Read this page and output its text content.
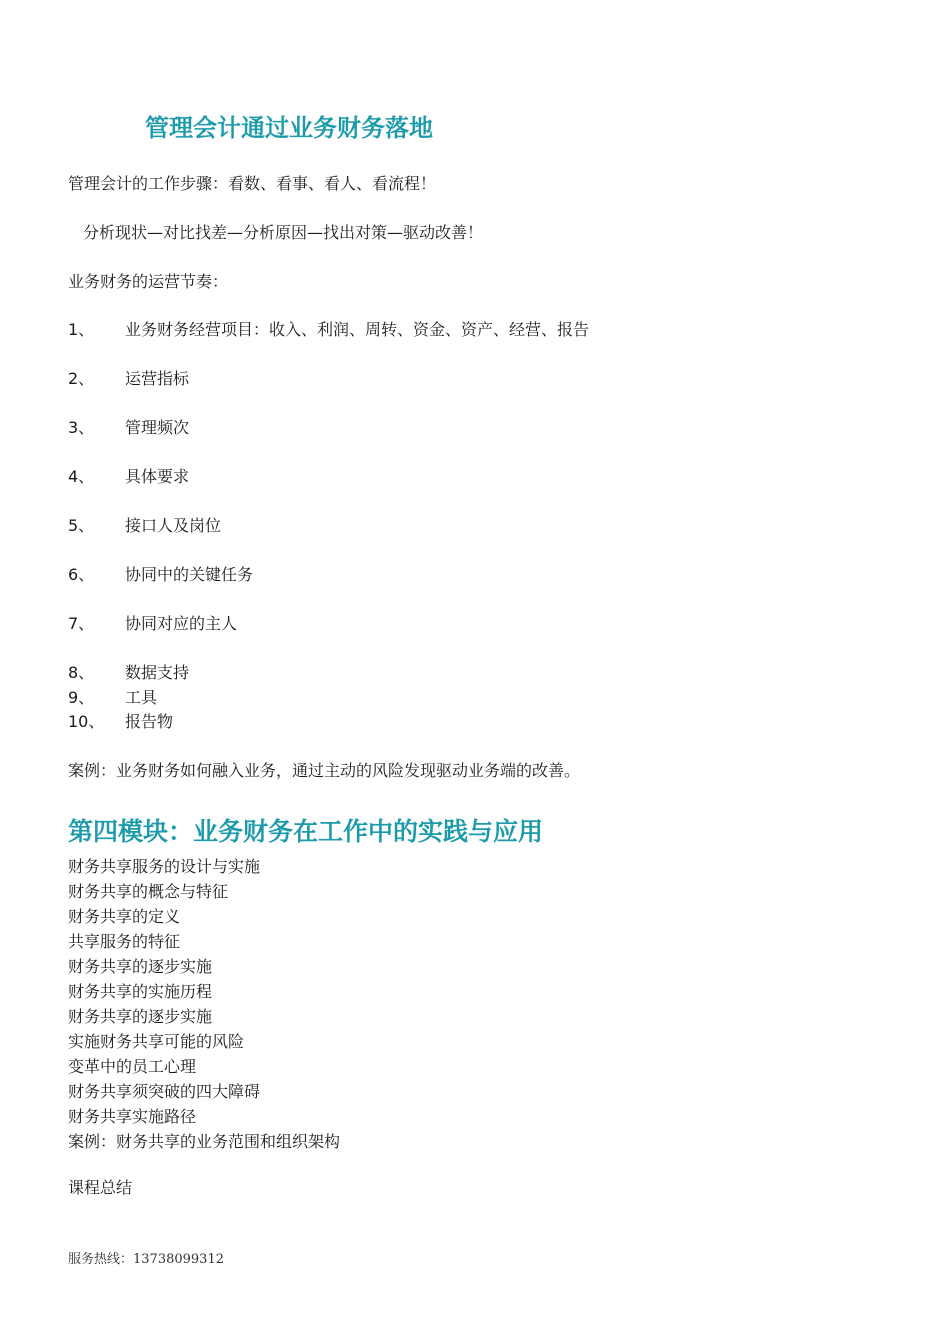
管理会计通过业务财务落地
管理会计的工作步骤：看数、看事、看人、看流程！
分析现状—对比找差—分析原因—找出对策—驱动改善！
业务财务的运营节奏：
1、 业务财务经营项目：收入、利润、周转、资金、资产、经营、报告
2、 运营指标
3、 管理频次
4、 具体要求
5、 接口人及岗位
6、 协同中的关键任务
7、 协同对应的主人
8、 数据支持
9、 工具
10、 报告物
案例：业务财务如何融入业务，通过主动的风险发现驱动业务端的改善。
第四模块：业务财务在工作中的实践与应用
财务共享服务的设计与实施
财务共享的概念与特征
财务共享的定义
共享服务的特征
财务共享的逐步实施
财务共享的实施历程
财务共享的逐步实施
实施财务共享可能的风险
变革中的员工心理
财务共享须突破的四大障碍
财务共享实施路径
案例：财务共享的业务范围和组织架构
课程总结
服务热线：13738099312
